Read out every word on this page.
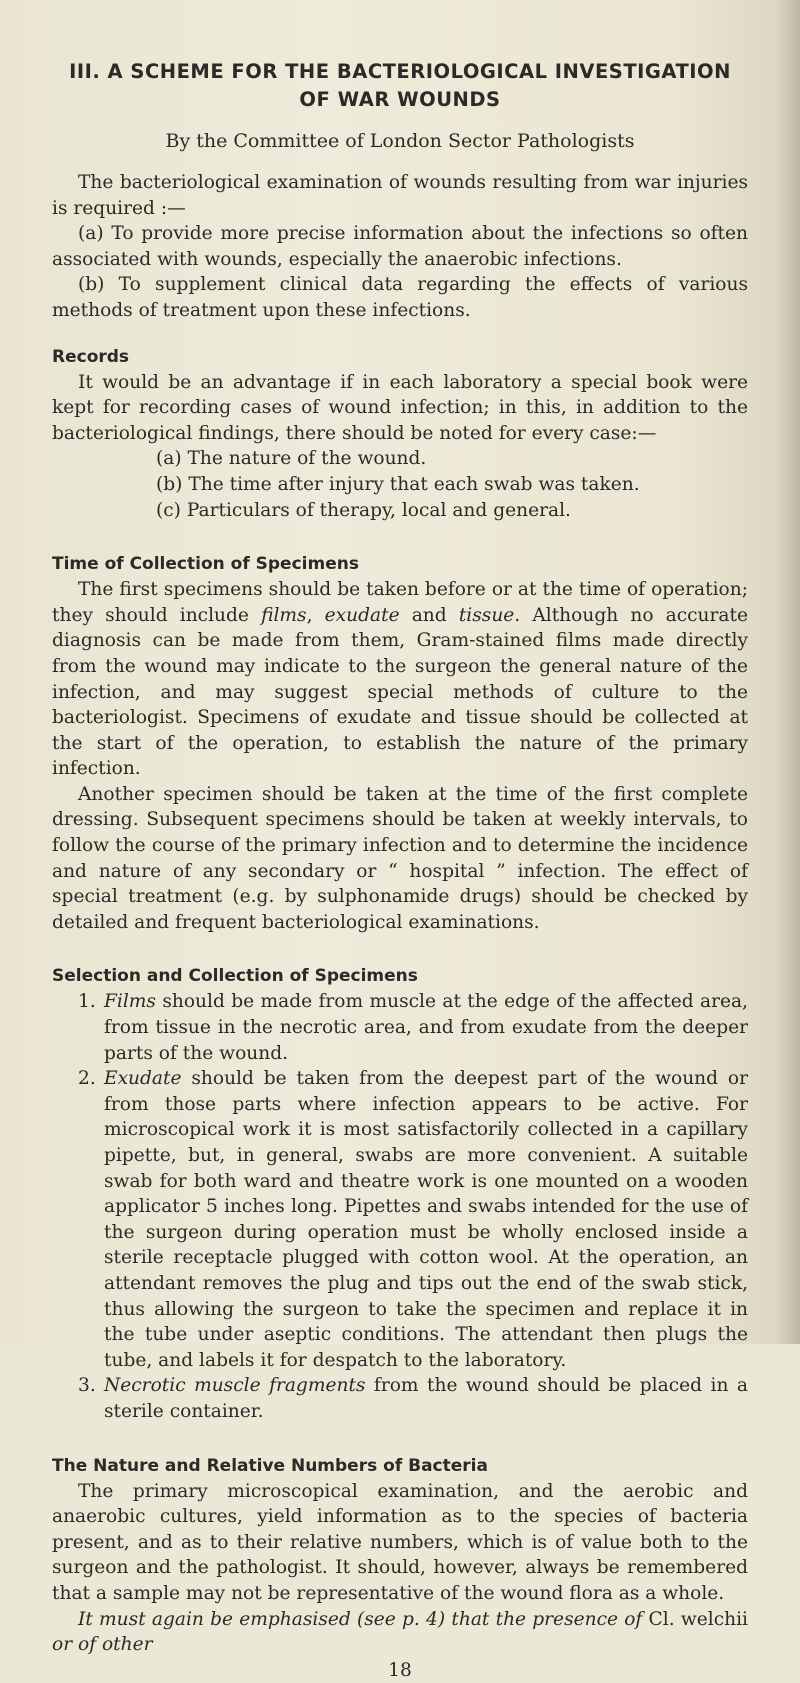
III. A SCHEME FOR THE BACTERIOLOGICAL INVESTIGATION
OF WAR WOUNDS
By the Committee of London Sector Pathologists

The bacteriological examination of wounds resulting from war injuries is required :—

(a) To provide more precise information about the infections so often associated with wounds, especially the anaerobic infections.

(b) To supplement clinical data regarding the effects of various methods of treatment upon these infections.

Records

It would be an advantage if in each laboratory a special book were kept for recording cases of wound infection; in this, in addition to the bacteriological findings, there should be noted for every case:—

(a) The nature of the wound.
(b) The time after injury that each swab was taken.
(c) Particulars of therapy, local and general.
Time of Collection of Specimens

The first specimens should be taken before or at the time of operation; they should include films, exudate and tissue. Although no accurate diagnosis can be made from them, Gram-stained films made directly from the wound may indicate to the surgeon the general nature of the infection, and may suggest special methods of culture to the bacteriologist. Specimens of exudate and tissue should be collected at the start of the operation, to establish the nature of the primary infection.

Another specimen should be taken at the time of the first complete dressing. Subsequent specimens should be taken at weekly intervals, to follow the course of the primary infection and to determine the incidence and nature of any secondary or “ hospital ” infection. The effect of special treatment (e.g. by sulphonamide drugs) should be checked by detailed and frequent bacteriological examinations.

Selection and Collection of Specimens
1. Films should be made from muscle at the edge of the affected area, from tissue in the necrotic area, and from exudate from the deeper parts of the wound.
2. Exudate should be taken from the deepest part of the wound or from those parts where infection appears to be active. For microscopical work it is most satisfactorily collected in a capillary pipette, but, in general, swabs are more convenient. A suitable swab for both ward and theatre work is one mounted on a wooden applicator 5 inches long. Pipettes and swabs intended for the use of the surgeon during operation must be wholly enclosed inside a sterile receptacle plugged with cotton wool. At the operation, an attendant removes the plug and tips out the end of the swab stick, thus allowing the surgeon to take the specimen and replace it in the tube under aseptic conditions. The attendant then plugs the tube, and labels it for despatch to the laboratory.
3. Necrotic muscle fragments from the wound should be placed in a sterile container.
The Nature and Relative Numbers of Bacteria

The primary microscopical examination, and the aerobic and anaerobic cultures, yield information as to the species of bacteria present, and as to their relative numbers, which is of value both to the surgeon and the pathologist. It should, however, always be remembered that a sample may not be representative of the wound flora as a whole.

It must again be emphasised (see p. 4) that the presence of Cl. welchii or of other

18
